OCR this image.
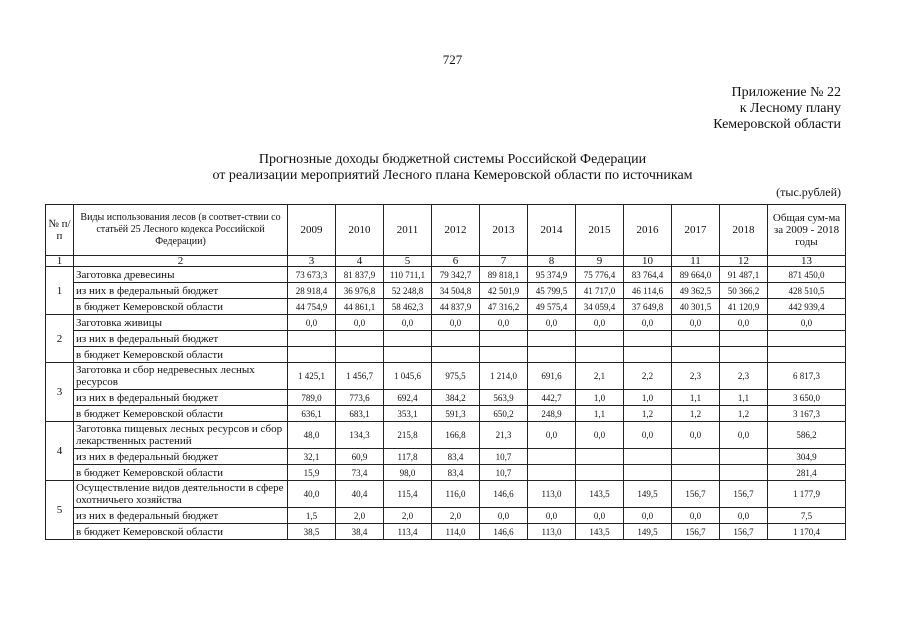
727
Приложение № 22
к Лесному плану
Кемеровской области
Прогнозные доходы бюджетной системы Российской Федерации
от реализации мероприятий Лесного плана Кемеровской области по источникам
(тыс.рублей)
№ п/п	Виды использования лесов (в соответ-ствии со статьёй 25 Лесного кодекса Российской Федерации)	2009	2010	2011	2012	2013	2014	2015	2016	2017	2018	Общая сум-ма за 2009 - 2018 годы
1	2	3	4	5	6	7	8	9	10	11	12	13
1	Заготовка древесины	73 673,3	81 837,9	110 711,1	79 342,7	89 818,1	95 374,9	75 776,4	83 764,4	89 664,0	91 487,1	871 450,0
	из них в федеральный бюджет	28 918,4	36 976,8	52 248,8	34 504,8	42 501,9	45 799,5	41 717,0	46 114,6	49 362,5	50 366,2	428 510,5
	в бюджет Кемеровской области	44 754,9	44 861,1	58 462,3	44 837,9	47 316,2	49 575,4	34 059,4	37 649,8	40 301,5	41 120,9	442 939,4
2	Заготовка живицы	0,0	0,0	0,0	0,0	0,0	0,0	0,0	0,0	0,0	0,0	0,0
	из них в федеральный бюджет											
	в бюджет Кемеровской области											
3	Заготовка и сбор недревесных лесных ресурсов	1 425,1	1 456,7	1 045,6	975,5	1 214,0	691,6	2,1	2,2	2,3	2,3	6 817,3
	из них в федеральный бюджет	789,0	773,6	692,4	384,2	563,9	442,7	1,0	1,0	1,1	1,1	3 650,0
	в бюджет Кемеровской области	636,1	683,1	353,1	591,3	650,2	248,9	1,1	1,2	1,2	1,2	3 167,3
4	Заготовка пищевых лесных ресурсов и сбор лекарственных растений	48,0	134,3	215,8	166,8	21,3	0,0	0,0	0,0	0,0	0,0	586,2
	из них в федеральный бюджет	32,1	60,9	117,8	83,4	10,7						304,9
	в бюджет Кемеровской области	15,9	73,4	98,0	83,4	10,7						281,4
5	Осуществление видов деятельности в сфере охотничьего хозяйства	40,0	40,4	115,4	116,0	146,6	113,0	143,5	149,5	156,7	156,7	1 177,9
	из них в федеральный бюджет	1,5	2,0	2,0	2,0	0,0	0,0	0,0	0,0	0,0	0,0	7,5
	в бюджет Кемеровской области	38,5	38,4	113,4	114,0	146,6	113,0	143,5	149,5	156,7	156,7	1 170,4
